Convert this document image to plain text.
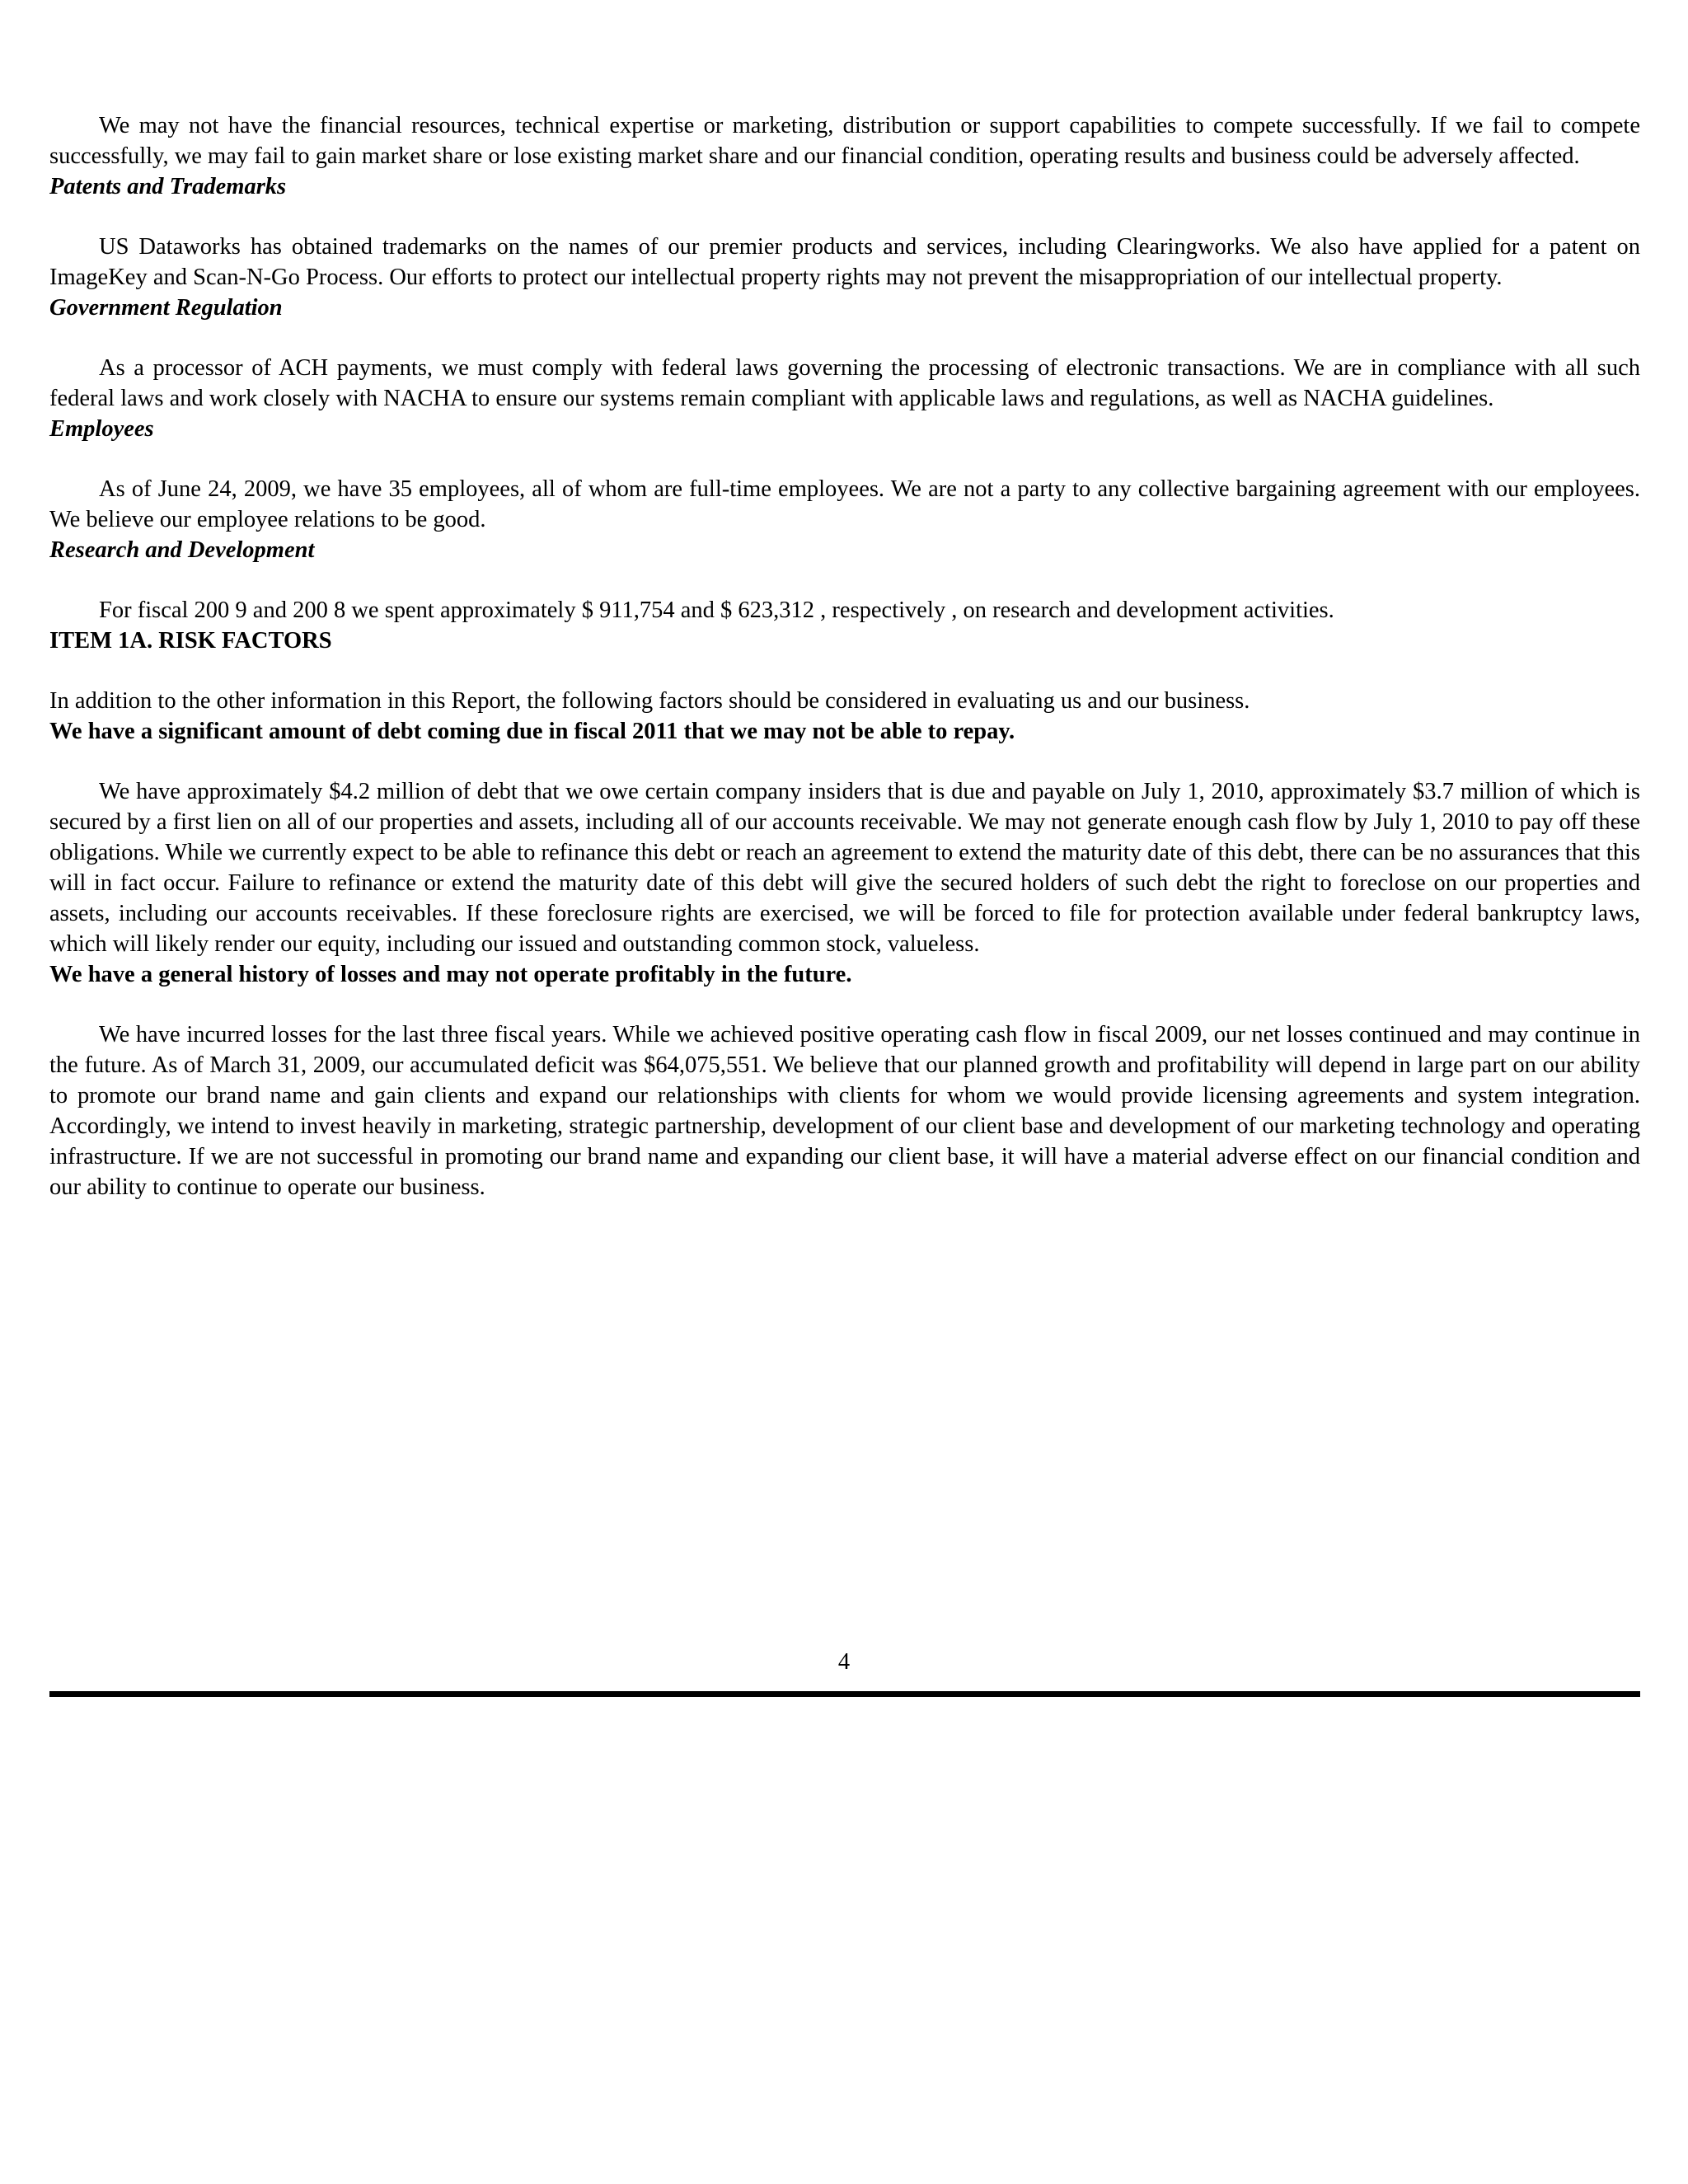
We may not have the financial resources, technical expertise or marketing, distribution or support capabilities to compete successfully. If we fail to compete successfully, we may fail to gain market share or lose existing market share and our financial condition, operating results and business could be adversely affected.

Patents and Trademarks

US Dataworks has obtained trademarks on the names of our premier products and services, including Clearingworks. We also have applied for a patent on ImageKey and Scan-N-Go Process. Our efforts to protect our intellectual property rights may not prevent the misappropriation of our intellectual property.

Government Regulation

As a processor of ACH payments, we must comply with federal laws governing the processing of electronic transactions. We are in compliance with all such federal laws and work closely with NACHA to ensure our systems remain compliant with applicable laws and regulations, as well as NACHA guidelines.

Employees

As of June 24, 2009, we have 35 employees, all of whom are full-time employees. We are not a party to any collective bargaining agreement with our employees. We believe our employee relations to be good.

Research and Development

For fiscal 200 9 and 200 8 we spent approximately $ 911,754 and $ 623,312 , respectively , on research and development activities.

ITEM 1A. RISK FACTORS

In addition to the other information in this Report, the following factors should be considered in evaluating us and our business.

We have a significant amount of debt coming due in fiscal 2011 that we may not be able to repay.

We have approximately $4.2 million of debt that we owe certain company insiders that is due and payable on July 1, 2010, approximately $3.7 million of which is secured by a first lien on all of our properties and assets, including all of our accounts receivable. We may not generate enough cash flow by July 1, 2010 to pay off these obligations. While we currently expect to be able to refinance this debt or reach an agreement to extend the maturity date of this debt, there can be no assurances that this will in fact occur. Failure to refinance or extend the maturity date of this debt will give the secured holders of such debt the right to foreclose on our properties and assets, including our accounts receivables. If these foreclosure rights are exercised, we will be forced to file for protection available under federal bankruptcy laws, which will likely render our equity, including our issued and outstanding common stock, valueless.

We have a general history of losses and may not operate profitably in the future.

We have incurred losses for the last three fiscal years. While we achieved positive operating cash flow in fiscal 2009, our net losses continued and may continue in the future. As of March 31, 2009, our accumulated deficit was $64,075,551. We believe that our planned growth and profitability will depend in large part on our ability to promote our brand name and gain clients and expand our relationships with clients for whom we would provide licensing agreements and system integration. Accordingly, we intend to invest heavily in marketing, strategic partnership, development of our client base and development of our marketing technology and operating infrastructure. If we are not successful in promoting our brand name and expanding our client base, it will have a material adverse effect on our financial condition and our ability to continue to operate our business.

4
